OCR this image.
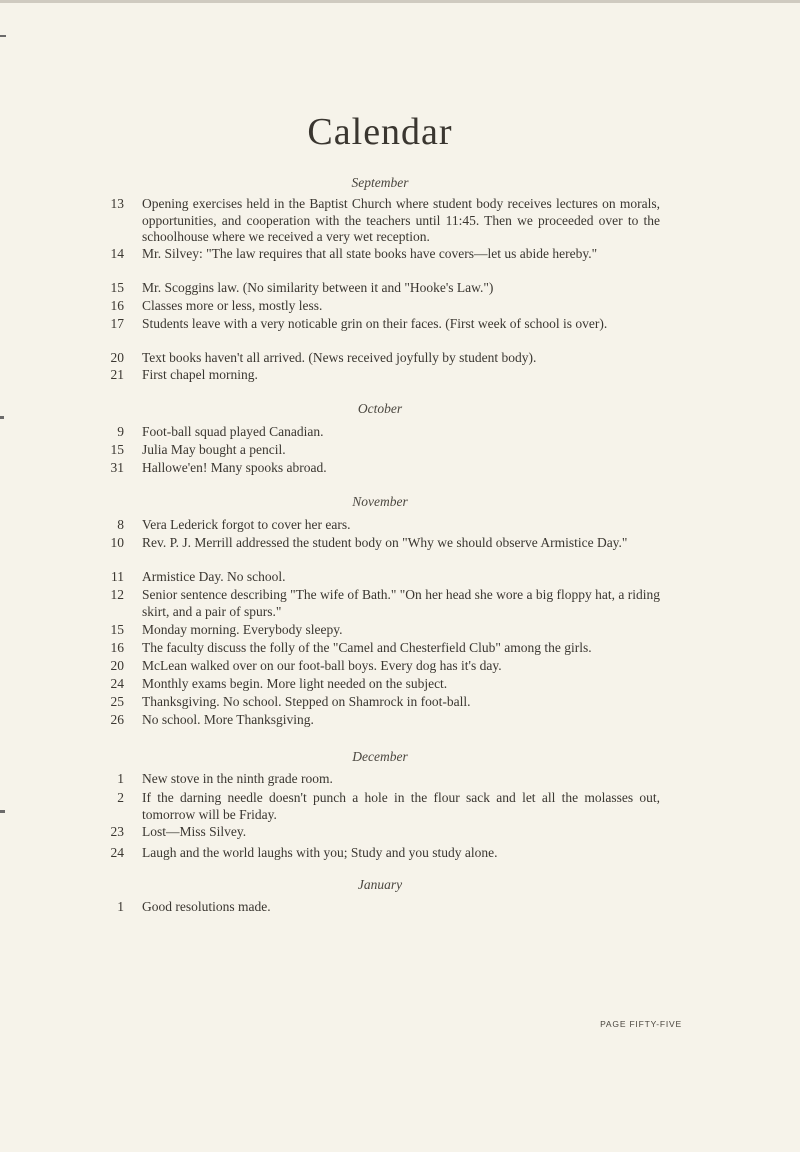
Calendar
September
13 Opening exercises held in the Baptist Church where student body receives lectures on morals, opportunities, and cooperation with the teachers until 11:45. Then we proceeded over to the schoolhouse where we received a very wet reception.
14 Mr. Silvey: "The law requires that all state books have covers—let us abide hereby."
15 Mr. Scoggins law. (No similarity between it and "Hooke's Law.")
16 Classes more or less, mostly less.
17 Students leave with a very noticable grin on their faces. (First week of school is over).
20 Text books haven't all arrived. (News received joyfully by student body).
21 First chapel morning.
October
9 Foot-ball squad played Canadian.
15 Julia May bought a pencil.
31 Hallowe'en! Many spooks abroad.
November
8 Vera Lederick forgot to cover her ears.
10 Rev. P. J. Merrill addressed the student body on "Why we should observe Armistice Day."
11 Armistice Day. No school.
12 Senior sentence describing "The wife of Bath." "On her head she wore a big floppy hat, a riding skirt, and a pair of spurs."
15 Monday morning. Everybody sleepy.
16 The faculty discuss the folly of the "Camel and Chesterfield Club" among the girls.
20 McLean walked over on our foot-ball boys. Every dog has it's day.
24 Monthly exams begin. More light needed on the subject.
25 Thanksgiving. No school. Stepped on Shamrock in foot-ball.
26 No school. More Thanksgiving.
December
1 New stove in the ninth grade room.
2 If the darning needle doesn't punch a hole in the flour sack and let all the molasses out, tomorrow will be Friday.
23 Lost—Miss Silvey.
24 Laugh and the world laughs with you; Study and you study alone.
January
1 Good resolutions made.
PAGE FIFTY-FIVE
